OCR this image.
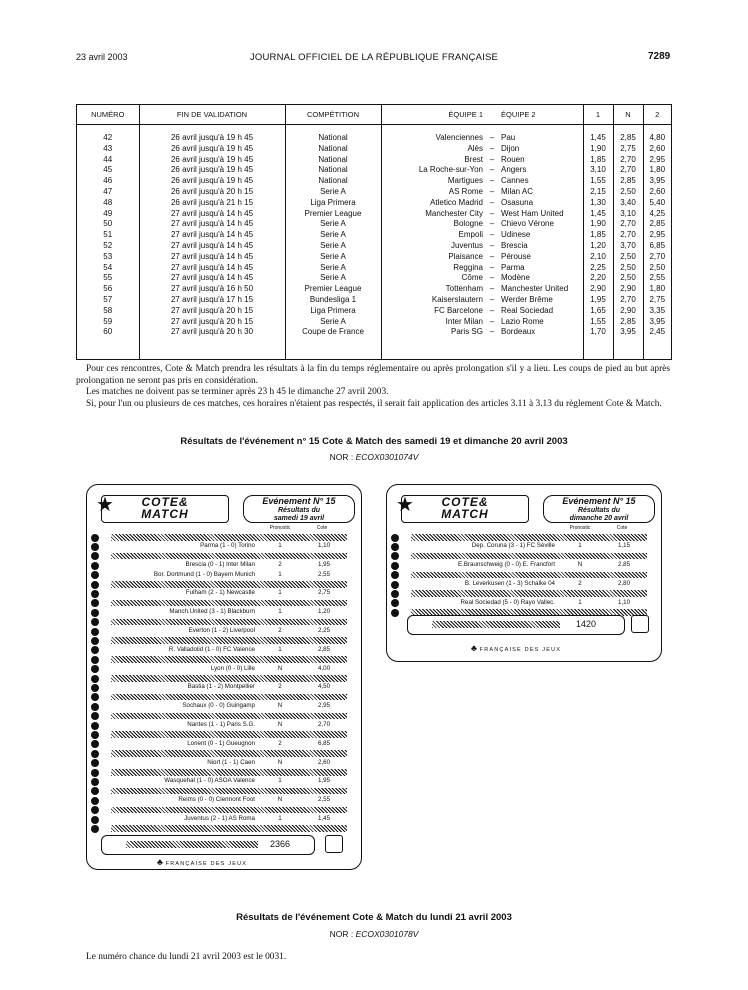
23 avril 2003	JOURNAL OFFICIEL DE LA RÉPUBLIQUE FRANÇAISE	7289
NUMÉRO	FIN DE VALIDATION	COMPÉTITION	ÉQUIPE 1		ÉQUIPE 2	1	N	2
42	26 avril jusqu'à 19 h 45	National	Valenciennes	–	Pau	1,45	2,85	4,80
43	26 avril jusqu'à 19 h 45	National	Alès	–	Dijon	1,90	2,75	2,60
44	26 avril jusqu'à 19 h 45	National	Brest	–	Rouen	1,85	2,70	2,95
45	26 avril jusqu'à 19 h 45	National	La Roche-sur-Yon	–	Angers	3,10	2,70	1,80
46	26 avril jusqu'à 19 h 45	National	Martigues	–	Cannes	1,55	2,85	3,95
47	26 avril jusqu'à 20 h 15	Serie A	AS Rome	–	Milan AC	2,15	2,50	2,60
48	26 avril jusqu'à 21 h 15	Liga Primera	Atletico Madrid	–	Osasuna	1,30	3,40	5,40
49	27 avril jusqu'à 14 h 45	Premier League	Manchester City	–	West Ham United	1,45	3,10	4,25
50	27 avril jusqu'à 14 h 45	Serie A	Bologne	–	Chievo Vérone	1,90	2,70	2,85
51	27 avril jusqu'à 14 h 45	Serie A	Empoli	–	Udinese	1,85	2,70	2,95
52	27 avril jusqu'à 14 h 45	Serie A	Juventus	–	Brescia	1,20	3,70	6,85
53	27 avril jusqu'à 14 h 45	Serie A	Plaisance	–	Pérouse	2,10	2,50	2,70
54	27 avril jusqu'à 14 h 45	Serie A	Reggina	–	Parma	2,25	2,50	2,50
55	27 avril jusqu'à 14 h 45	Serie A	Côme	–	Modène	2,20	2,50	2,55
56	27 avril jusqu'à 16 h 50	Premier League	Tottenham	–	Manchester United	2,90	2,90	1,80
57	27 avril jusqu'à 17 h 15	Bundesliga 1	Kaiserslautern	–	Werder Brême	1,95	2,70	2,75
58	27 avril jusqu'à 20 h 15	Liga Primera	FC Barcelone	–	Real Sociedad	1,65	2,90	3,35
59	27 avril jusqu'à 20 h 15	Serie A	Inter Milan	–	Lazio Rome	1,55	2,85	3,95
60	27 avril jusqu'à 20 h 30	Coupe de France	Paris SG	–	Bordeaux	1,70	3,95	2,45

Pour ces rencontres, Cote & Match prendra les résultats à la fin du temps réglementaire ou après prolongation s'il y a lieu. Les coups de pied au but après prolongation ne seront pas pris en considération.
Les matches ne doivent pas se terminer après 23 h 45 le dimanche 27 avril 2003.
Si, pour l'un ou plusieurs de ces matches, ces horaires n'étaient pas respectés, il serait fait application des articles 3.11 à 3.13 du règlement Cote & Match.
Résultats de l'événement n° 15 Cote & Match des samedi 19 et dimanche 20 avril 2003
NOR : ECOX0301074V
★	COTE&
MATCH
Evénement N° 15
Résultats du
samedi 19 avril
Pronostic	Cote
Parma (1 - 0) Torino	1	1,10
Brescia (0 - 1) Inter Milan	2	1,95
Bor. Dortmund (1 - 0) Bayern Munich	1	2,55
Fulham (2 - 1) Newcastle	1	2,75
Manch.United (3 - 1) Blackburn	1	1,20
Everton (1 - 2) Liverpool	2	2,25
R. Valladolid (1 - 0) FC Valence	1	2,85
Lyon (0 - 0) Lille	N	4,00
Bastia (1 - 2) Montpellier	2	4,50
Sochaux (0 - 0) Guingamp	N	2,95
Nantes (1 - 1) Paris S.G.	N	2,70
Lorient (0 - 1) Gueugnon	2	6,85
Niort (1 - 1) Caen	N	2,60
Wasquehal (1 - 0) ASOA Valence	1	1,95
Reims (0 - 0) Clermont Foot	N	2,55
Juventus (2 - 1) AS Roma	1	1,45
2366
♣ FRANÇAISE DES JEUX
★	COTE&
MATCH
Evénement N° 15
Résultats du
dimanche 20 avril
Pronostic	Cote
Dep. Coruna (3 - 1) FC Séville	1	1,15
E.Braunschweig (0 - 0) E. Francfort	N	2,85
B. Leverkusen (1 - 3) Schalke 04	2	2,80
Real Sociedad (5 - 0) Rayo Vallec.	1	1,10
1420
♣ FRANÇAISE DES JEUX
Résultats de l'événement Cote & Match du lundi 21 avril 2003
NOR : ECOX0301078V
Le numéro chance du lundi 21 avril 2003 est le 0031.
